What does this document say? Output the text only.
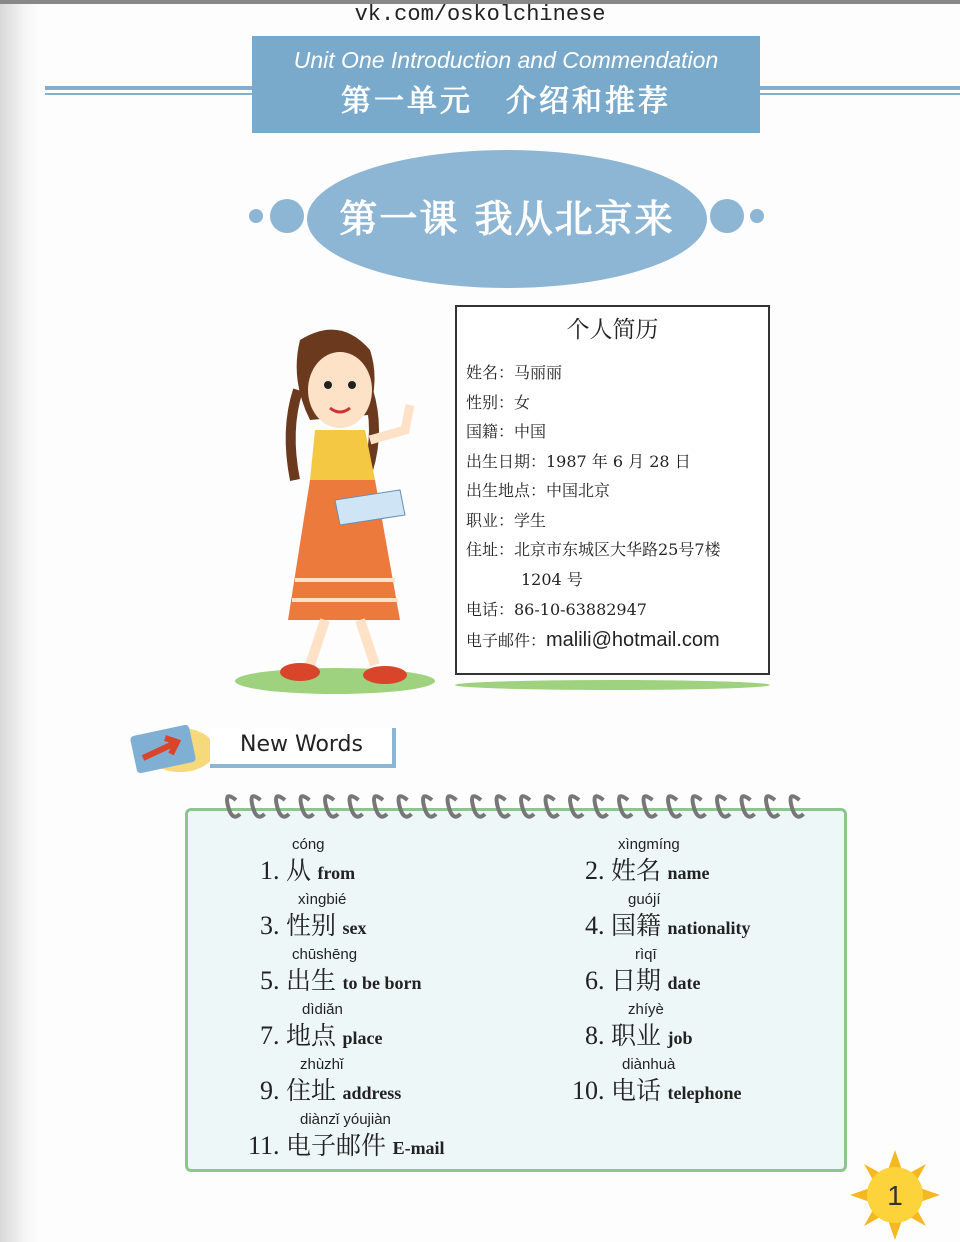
vk.com/oskolchinese
Unit One Introduction and Commendation
第一单元　介绍和推荐
第一课 我从北京来
个人简历
姓名：马丽丽
性别：女
国籍：中国
出生日期：1987 年 6 月 28 日
出生地点：中国北京
职业：学生
住址：北京市东城区大华路25号7楼
1204 号
电话：86-10-63882947
电子邮件：malili@hotmail.com
New Words
cóng
1. 从 from
xìngmíng
2. 姓名 name
xìngbié
3. 性别 sex
guójí
4. 国籍 nationality
chūshēng
5. 出生 to be born
rìqī
6. 日期 date
dìdiǎn
7. 地点 place
zhíyè
8. 职业 job
zhùzhǐ
9. 住址 address
diànhuà
10. 电话 telephone
diànzǐ yóujiàn
11. 电子邮件 E-mail
1
